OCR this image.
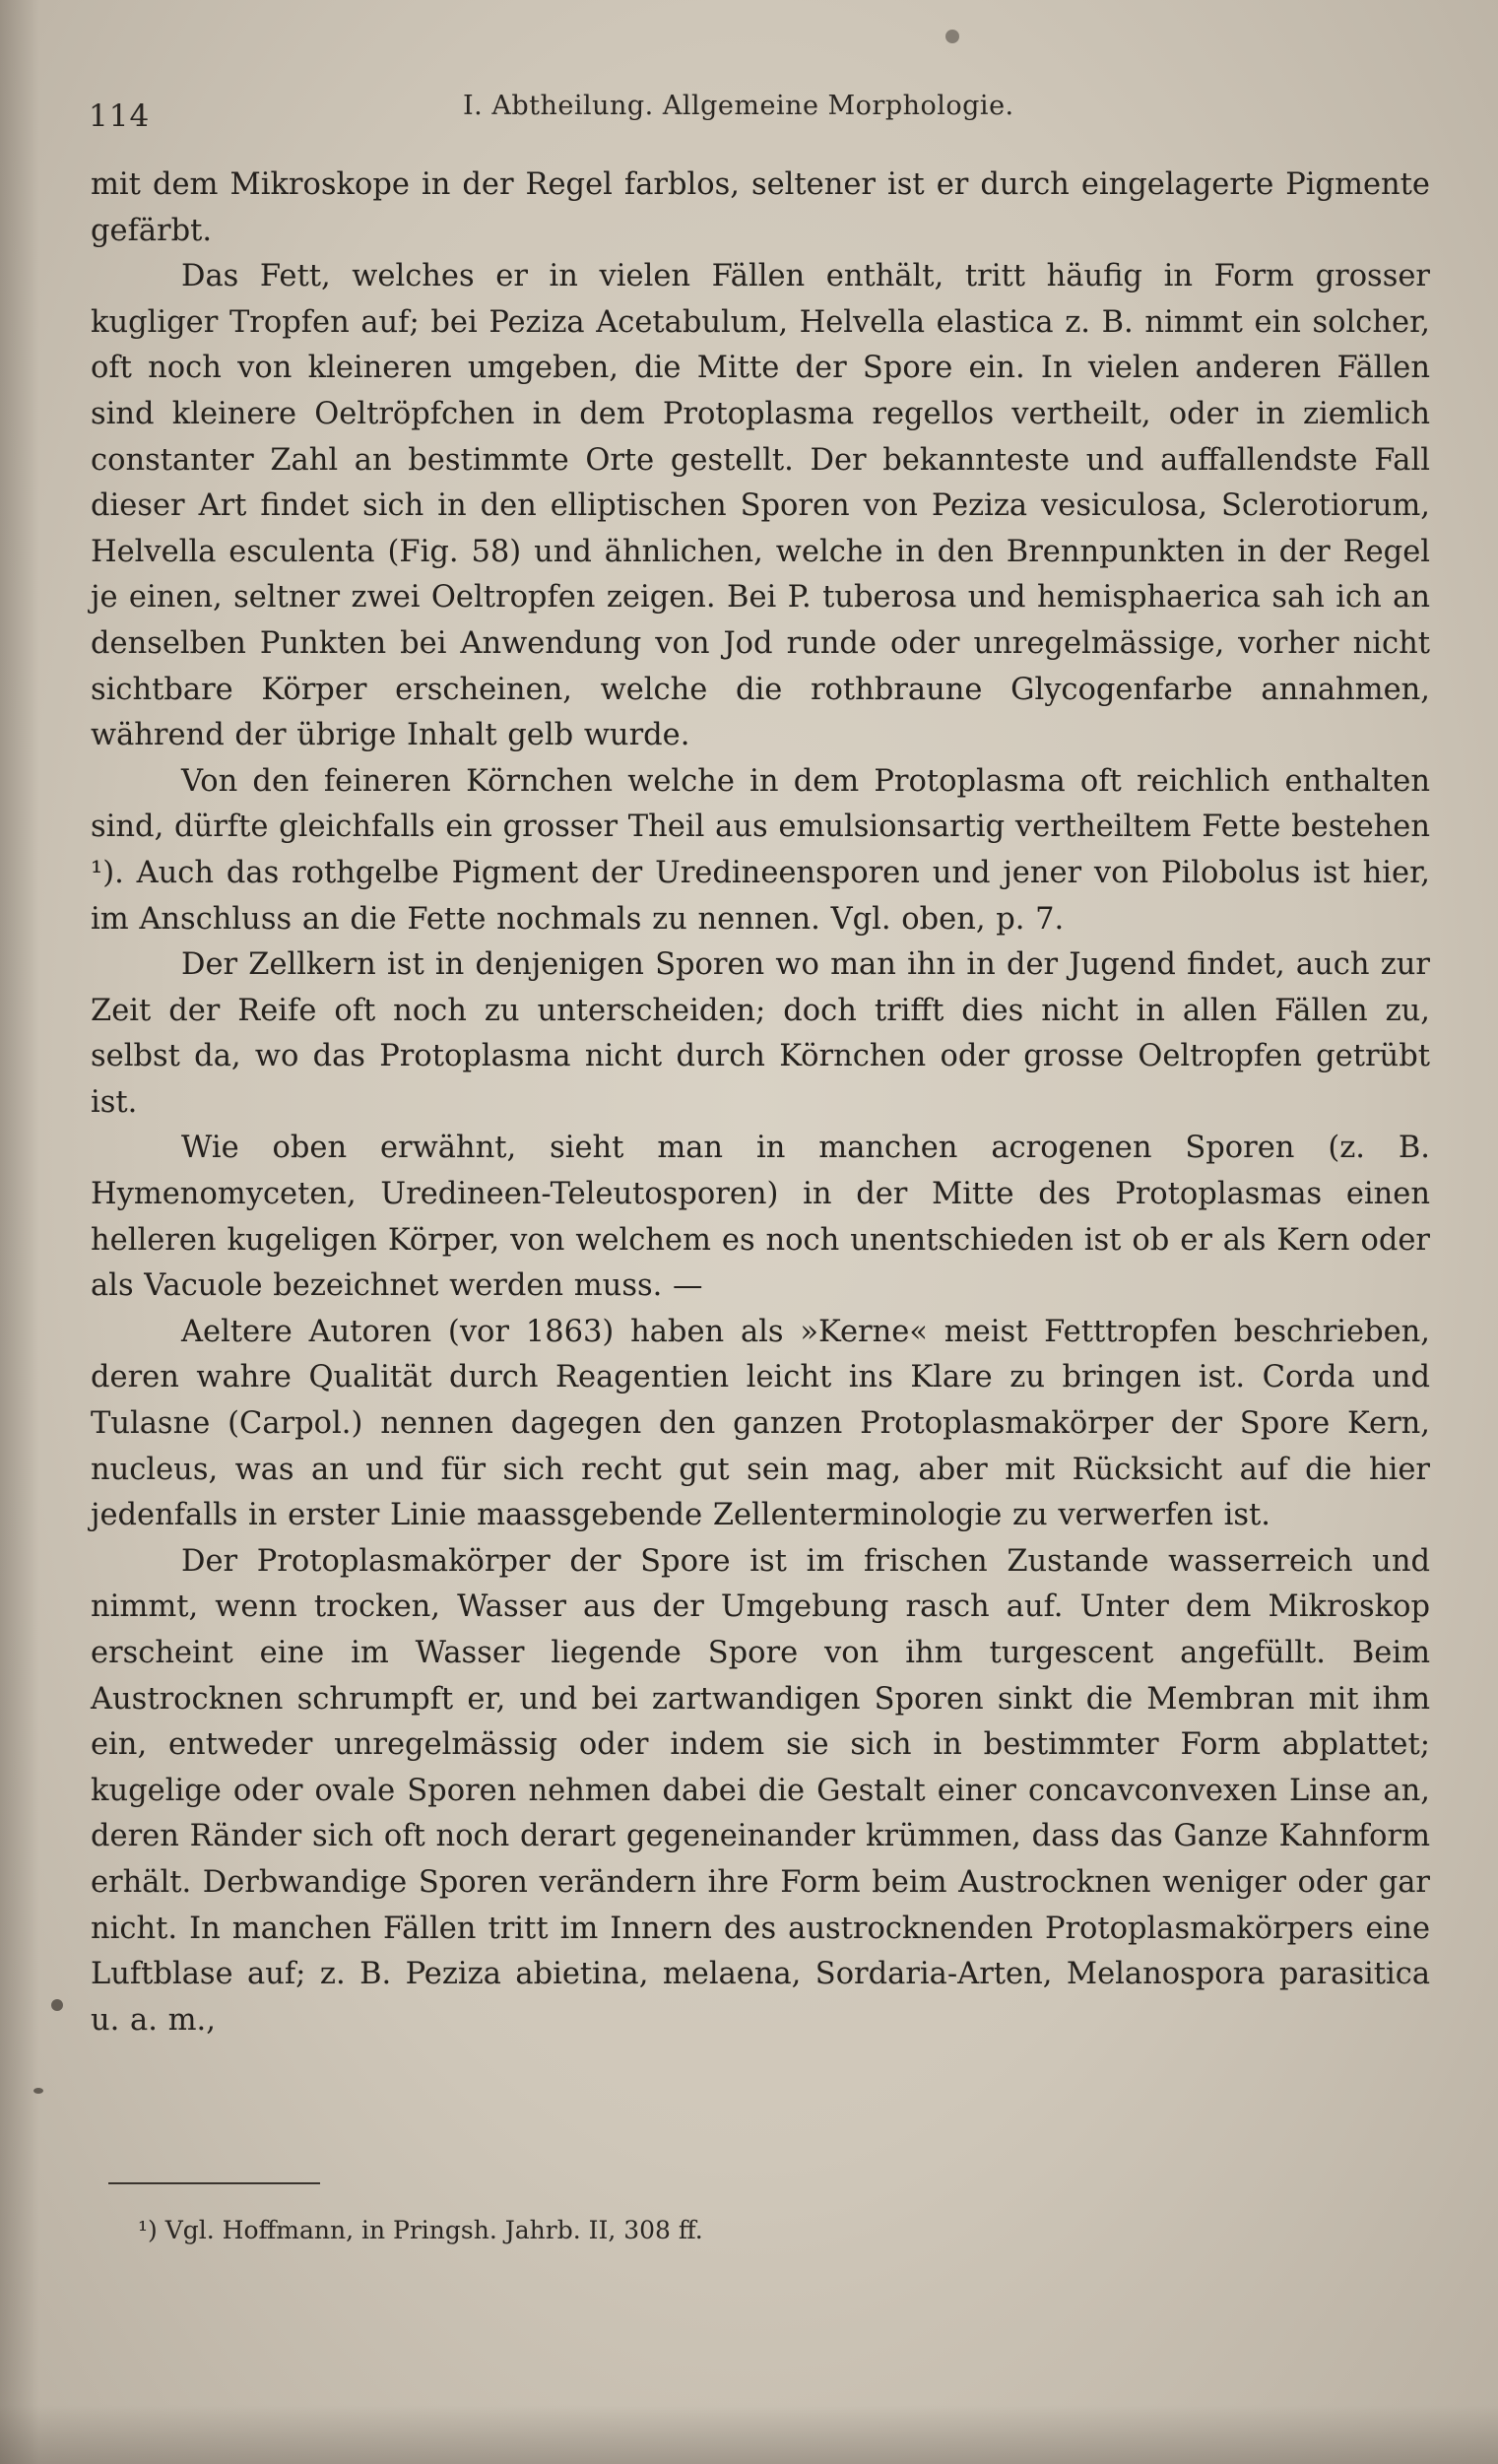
114	I. Abtheilung. Allgemeine Morphologie.

mit dem Mikroskope in der Regel farblos, seltener ist er durch eingelagerte Pigmente gefärbt.

Das Fett, welches er in vielen Fällen enthält, tritt häufig in Form grosser kugliger Tropfen auf; bei Peziza Acetabulum, Helvella elastica z. B. nimmt ein solcher, oft noch von kleineren umgeben, die Mitte der Spore ein. In vielen anderen Fällen sind kleinere Oeltröpfchen in dem Protoplasma regellos vertheilt, oder in ziemlich constanter Zahl an bestimmte Orte gestellt. Der bekannteste und auffallendste Fall dieser Art findet sich in den elliptischen Sporen von Peziza vesiculosa, Sclerotiorum, Helvella esculenta (Fig. 58) und ähnlichen, welche in den Brennpunkten in der Regel je einen, seltner zwei Oeltropfen zeigen. Bei P. tuberosa und hemisphaerica sah ich an denselben Punkten bei Anwendung von Jod runde oder unregelmässige, vorher nicht sichtbare Körper erscheinen, welche die rothbraune Glycogenfarbe annahmen, während der übrige Inhalt gelb wurde.

Von den feineren Körnchen welche in dem Protoplasma oft reichlich enthalten sind, dürfte gleichfalls ein grosser Theil aus emulsionsartig vertheiltem Fette bestehen ¹). Auch das rothgelbe Pigment der Uredineensporen und jener von Pilobolus ist hier, im Anschluss an die Fette nochmals zu nennen. Vgl. oben, p. 7.

Der Zellkern ist in denjenigen Sporen wo man ihn in der Jugend findet, auch zur Zeit der Reife oft noch zu unterscheiden; doch trifft dies nicht in allen Fällen zu, selbst da, wo das Protoplasma nicht durch Körnchen oder grosse Oeltropfen getrübt ist.

Wie oben erwähnt, sieht man in manchen acrogenen Sporen (z. B. Hymenomyceten, Uredineen-Teleutosporen) in der Mitte des Protoplasmas einen helleren kugeligen Körper, von welchem es noch unentschieden ist ob er als Kern oder als Vacuole bezeichnet werden muss. —

Aeltere Autoren (vor 1863) haben als »Kerne« meist Fetttropfen beschrieben, deren wahre Qualität durch Reagentien leicht ins Klare zu bringen ist. Corda und Tulasne (Carpol.) nennen dagegen den ganzen Protoplasmakörper der Spore Kern, nucleus, was an und für sich recht gut sein mag, aber mit Rücksicht auf die hier jedenfalls in erster Linie maassgebende Zellenterminologie zu verwerfen ist.

Der Protoplasmakörper der Spore ist im frischen Zustande wasserreich und nimmt, wenn trocken, Wasser aus der Umgebung rasch auf. Unter dem Mikroskop erscheint eine im Wasser liegende Spore von ihm turgescent angefüllt. Beim Austrocknen schrumpft er, und bei zartwandigen Sporen sinkt die Membran mit ihm ein, entweder unregelmässig oder indem sie sich in bestimmter Form abplattet; kugelige oder ovale Sporen nehmen dabei die Gestalt einer concavconvexen Linse an, deren Ränder sich oft noch derart gegeneinander krümmen, dass das Ganze Kahnform erhält. Derbwandige Sporen verändern ihre Form beim Austrocknen weniger oder gar nicht. In manchen Fällen tritt im Innern des austrocknenden Protoplasmakörpers eine Luftblase auf; z. B. Peziza abietina, melaena, Sordaria-Arten, Melanospora parasitica u. a. m.,

¹) Vgl. Hoffmann, in Pringsh. Jahrb. II, 308 ff.
